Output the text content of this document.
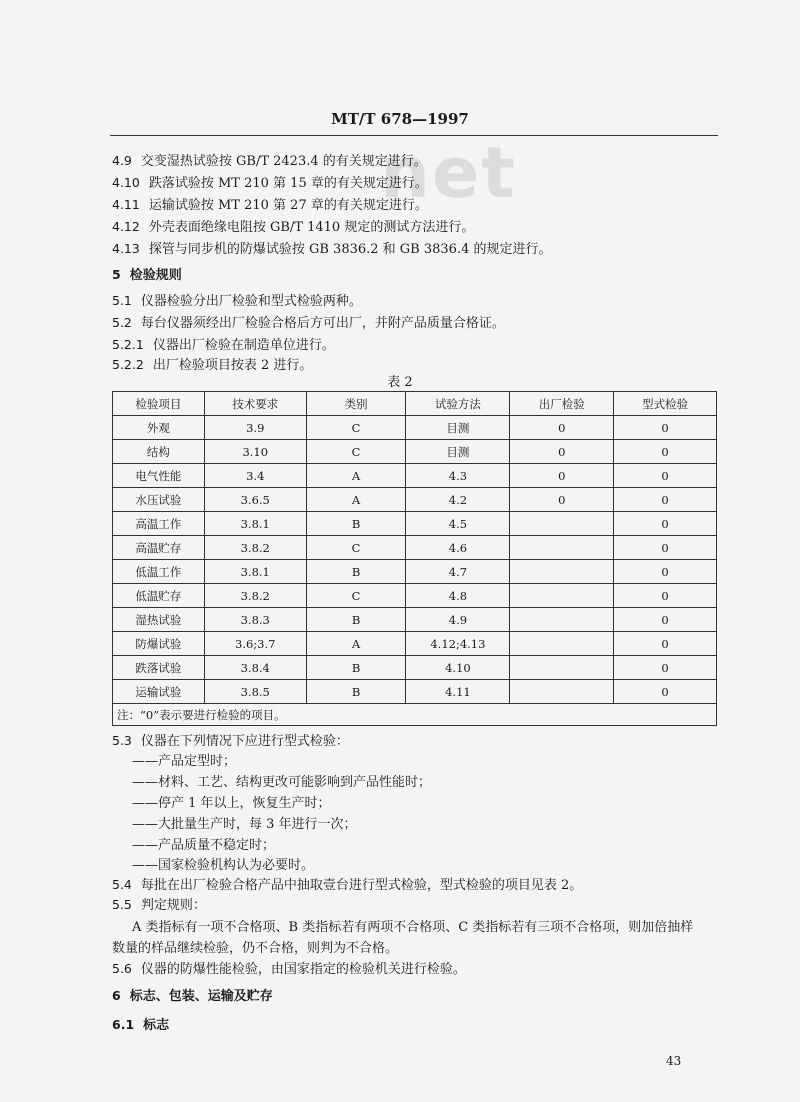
net
MT/T 678—1997
4.9 交变湿热试验按 GB/T 2423.4 的有关规定进行。
4.10 跌落试验按 MT 210 第 15 章的有关规定进行。
4.11 运输试验按 MT 210 第 27 章的有关规定进行。
4.12 外壳表面绝缘电阻按 GB/T 1410 规定的测试方法进行。
4.13 探管与同步机的防爆试验按 GB 3836.2 和 GB 3836.4 的规定进行。
5 检验规则
5.1 仪器检验分出厂检验和型式检验两种。
5.2 每台仪器须经出厂检验合格后方可出厂，并附产品质量合格证。
5.2.1 仪器出厂检验在制造单位进行。
5.2.2 出厂检验项目按表 2 进行。
表 2
检验项目	技术要求	类别	试验方法	出厂检验	型式检验
外观	3.9	C	目测	0	0
结构	3.10	C	目测	0	0
电气性能	3.4	A	4.3	0	0
水压试验	3.6.5	A	4.2	0	0
高温工作	3.8.1	B	4.5		0
高温贮存	3.8.2	C	4.6		0
低温工作	3.8.1	B	4.7		0
低温贮存	3.8.2	C	4.8		0
湿热试验	3.8.3	B	4.9		0
防爆试验	3.6;3.7	A	4.12;4.13		0
跌落试验	3.8.4	B	4.10		0
运输试验	3.8.5	B	4.11		0
注：“0”表示要进行检验的项目。					
5.3 仪器在下列情况下应进行型式检验：
——产品定型时；
——材料、工艺、结构更改可能影响到产品性能时；
——停产 1 年以上，恢复生产时；
——大批量生产时，每 3 年进行一次；
——产品质量不稳定时；
——国家检验机构认为必要时。
5.4 每批在出厂检验合格产品中抽取壹台进行型式检验，型式检验的项目见表 2。
5.5 判定规则：
A 类指标有一项不合格项、B 类指标若有两项不合格项、C 类指标若有三项不合格项，则加倍抽样
数量的样品继续检验，仍不合格，则判为不合格。
5.6 仪器的防爆性能检验，由国家指定的检验机关进行检验。
6 标志、包装、运输及贮存
6.1 标志
43
